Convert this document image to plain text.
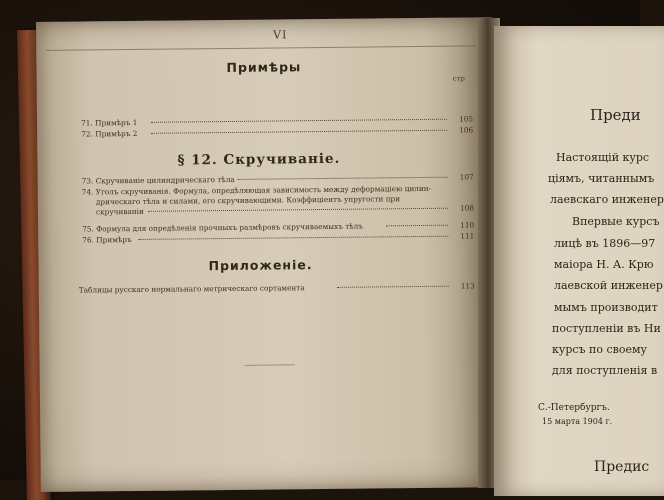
VI
Примѣры
стр
71. Примѣръ 1	105
72. Примѣръ 2	106
§ 12. Скручиваніе.
73. Скручиваніе цилиндрическаго тѣла	107
74. Уголъ скручиванія. Формула, опредѣляющая зависимость между деформаціею цилин-
дрическаго тѣла и силами, его скручивающими. Коэффиціентъ упругости при
скручиваніи	108
75. Формула для опредѣленія прочныхъ размѣровъ скручиваемыхъ тѣлъ	110
76. Примѣръ	111
Приложеніе.
Таблицы русскаго нормальнаго метрическаго сортамента	113
Преди
Настоящій курс
ціямъ, читаннымъ
лаевскаго инженер
Впервые курсъ
лицѣ въ 1896—97
маіора Н. А. Крю
лаевской инженер
мымъ производит
поступленіи въ Ни
курсъ по своему
для поступленія в
С.-Петербургъ.
15 марта 1904 г.
Предис
